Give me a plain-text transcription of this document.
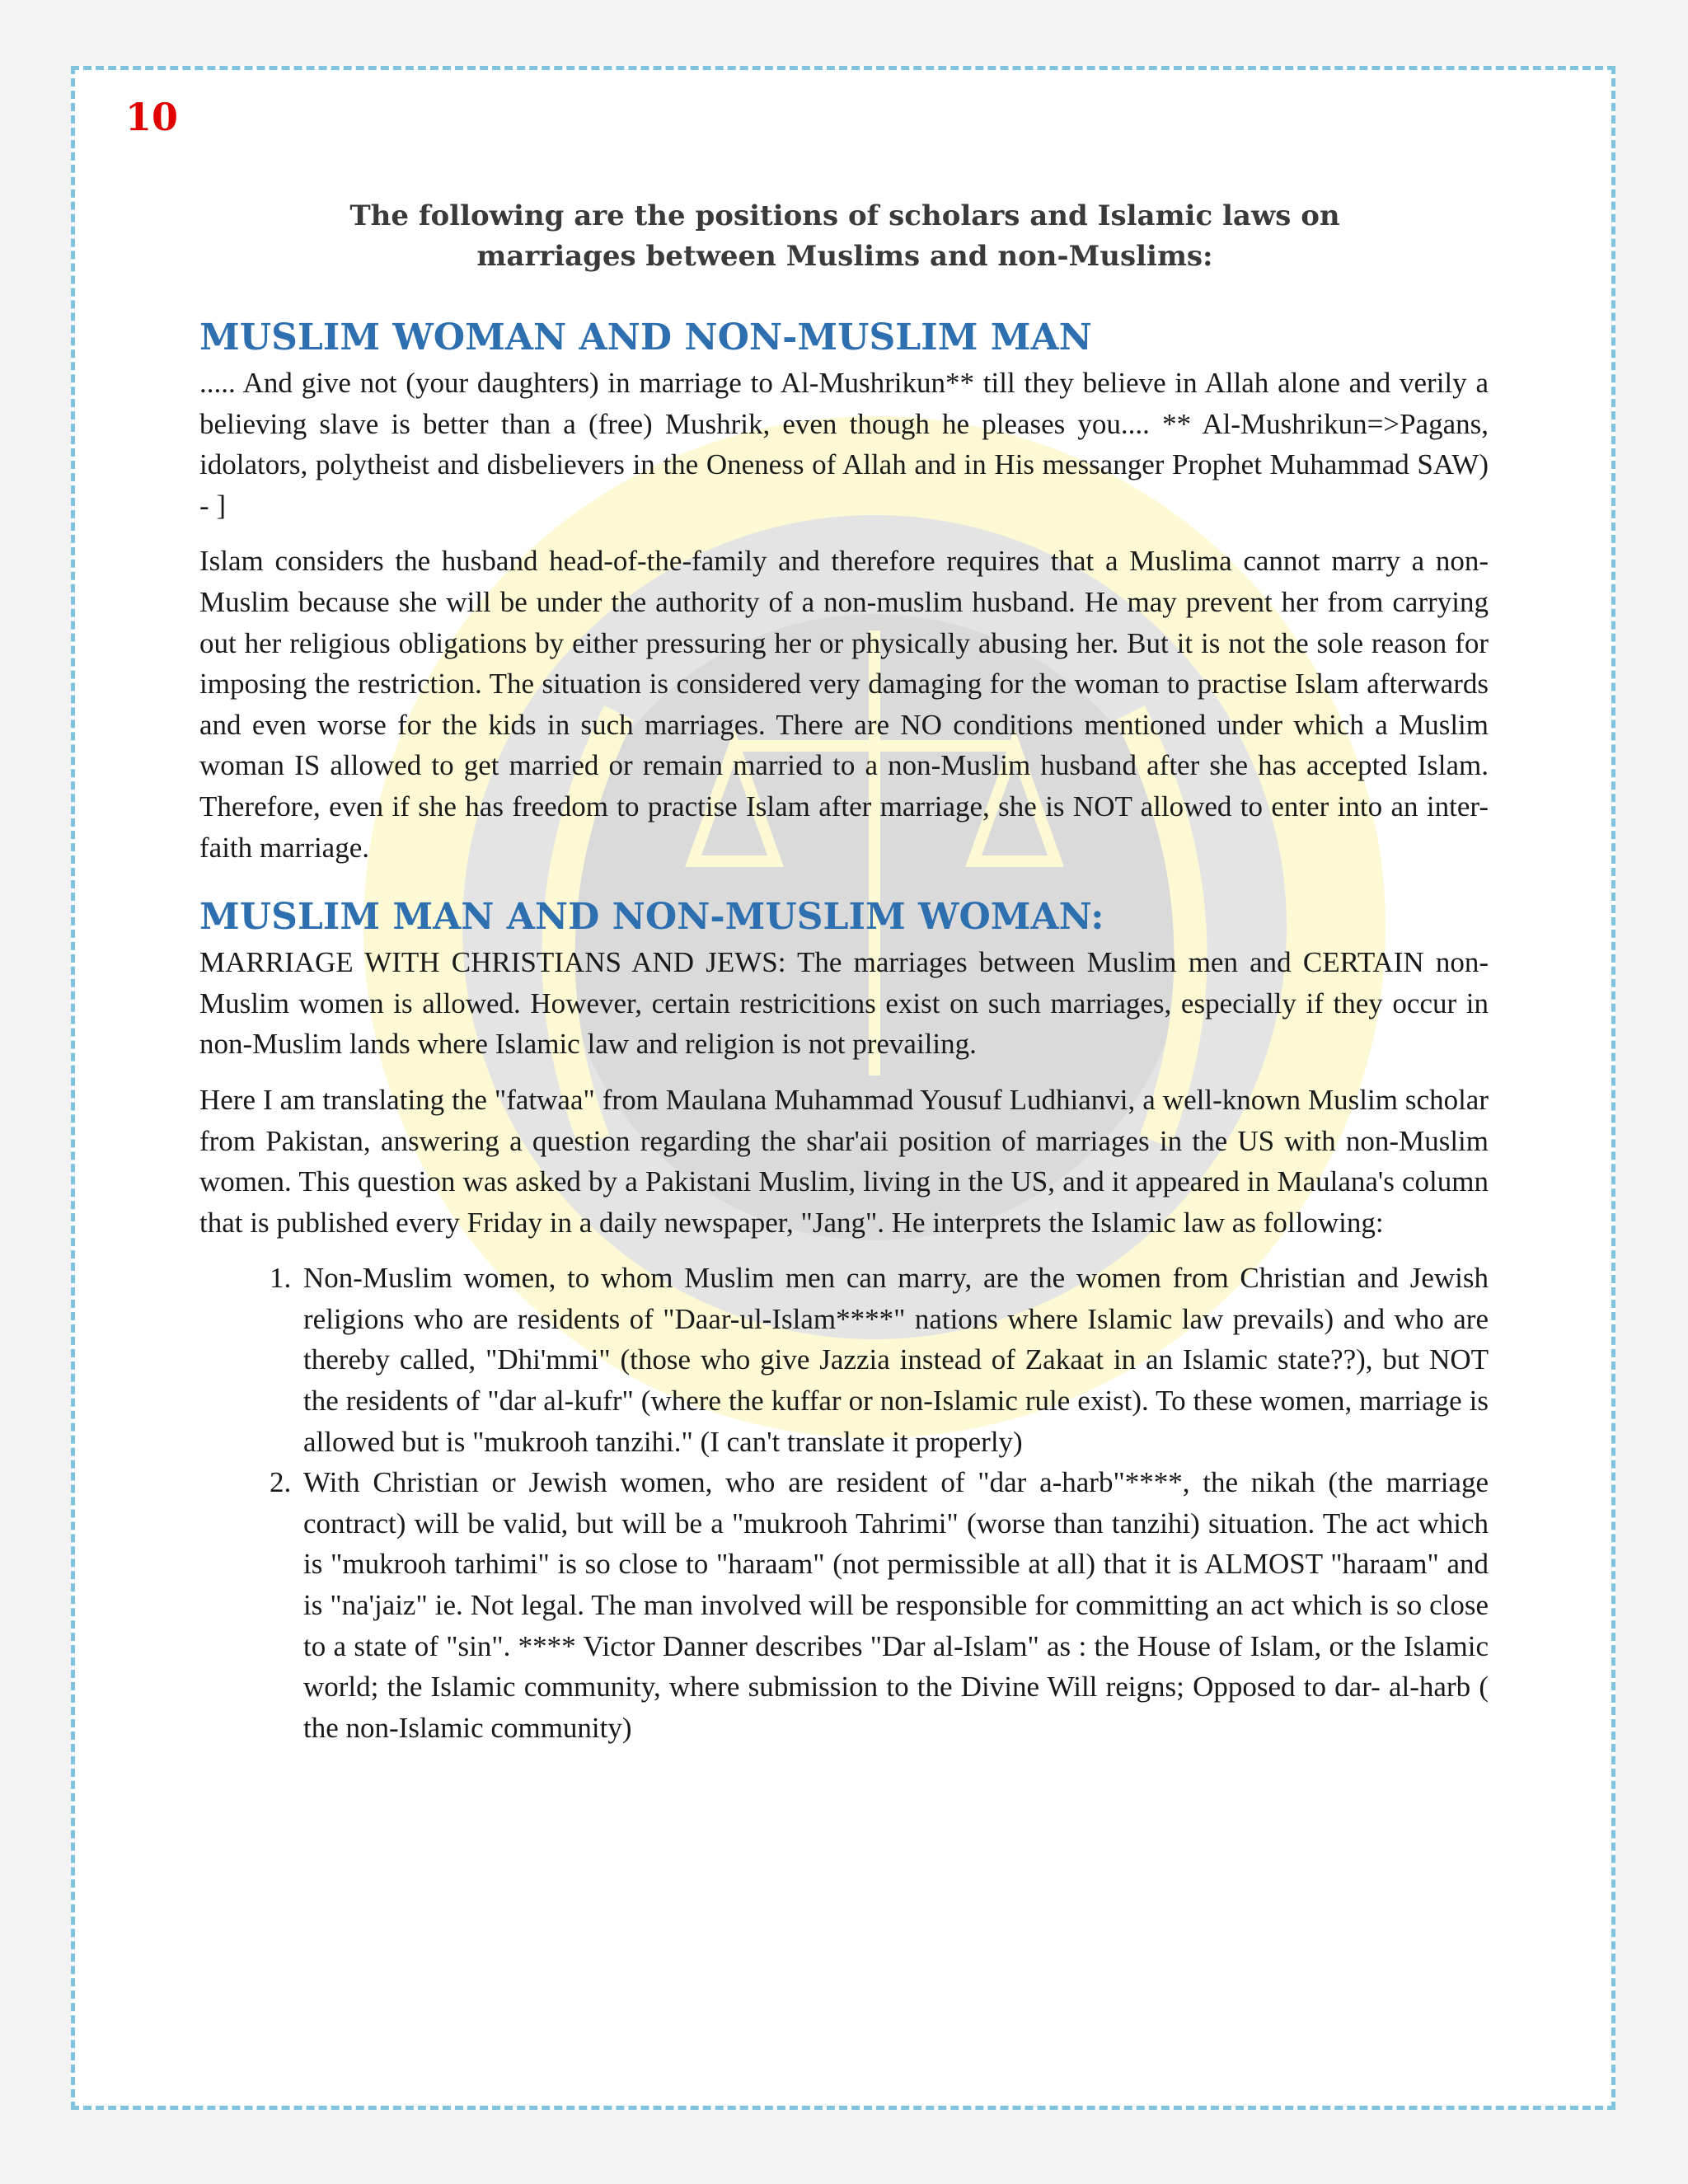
10
The following are the positions of scholars and Islamic laws on
marriages between Muslims and non-Muslims:
MUSLIM WOMAN AND NON-MUSLIM MAN

..... And give not (your daughters) in marriage to Al-Mushrikun** till they believe in Allah alone and verily a believing slave is better than a (free) Mushrik, even though he pleases you.... ** Al-Mushrikun=>Pagans, idolators, polytheist and disbelievers in the Oneness of Allah and in His messanger Prophet Muhammad SAW) - ]

Islam considers the husband head-of-the-family and therefore requires that a Muslima cannot marry a non-Muslim because she will be under the authority of a non-muslim husband. He may prevent her from carrying out her religious obligations by either pressuring her or physically abusing her. But it is not the sole reason for imposing the restriction. The situation is considered very damaging for the woman to practise Islam afterwards and even worse for the kids in such marriages. There are NO conditions mentioned under which a Muslim woman IS allowed to get married or remain married to a non-Muslim husband after she has accepted Islam. Therefore, even if she has freedom to practise Islam after marriage, she is NOT allowed to enter into an inter-faith marriage.

MUSLIM MAN AND NON-MUSLIM WOMAN:

MARRIAGE WITH CHRISTIANS AND JEWS: The marriages between Muslim men and CERTAIN non-Muslim women is allowed. However, certain restricitions exist on such marriages, especially if they occur in non-Muslim lands where Islamic law and religion is not prevailing.

Here I am translating the "fatwaa" from Maulana Muhammad Yousuf Ludhianvi, a well-known Muslim scholar from Pakistan, answering a question regarding the shar'aii position of marriages in the US with non-Muslim women. This question was asked by a Pakistani Muslim, living in the US, and it appeared in Maulana's column that is published every Friday in a daily newspaper, "Jang". He interprets the Islamic law as following:

1. Non-Muslim women, to whom Muslim men can marry, are the women from Christian and Jewish religions who are residents of "Daar-ul-Islam****" nations where Islamic law prevails) and who are thereby called, "Dhi'mmi" (those who give Jazzia instead of Zakaat in an Islamic state??), but NOT the residents of "dar al-kufr" (where the kuffar or non-Islamic rule exist). To these women, marriage is allowed but is "mukrooh tanzihi." (I can't translate it properly)
2. With Christian or Jewish women, who are resident of "dar a-harb"****, the nikah (the marriage contract) will be valid, but will be a "mukrooh Tahrimi" (worse than tanzihi) situation. The act which is "mukrooh tarhimi" is so close to "haraam" (not permissible at all) that it is ALMOST "haraam" and is "na'jaiz" ie. Not legal. The man involved will be responsible for committing an act which is so close to a state of "sin". **** Victor Danner describes "Dar al-Islam" as : the House of Islam, or the Islamic world; the Islamic community, where submission to the Divine Will reigns; Opposed to dar- al-harb ( the non-Islamic community)
